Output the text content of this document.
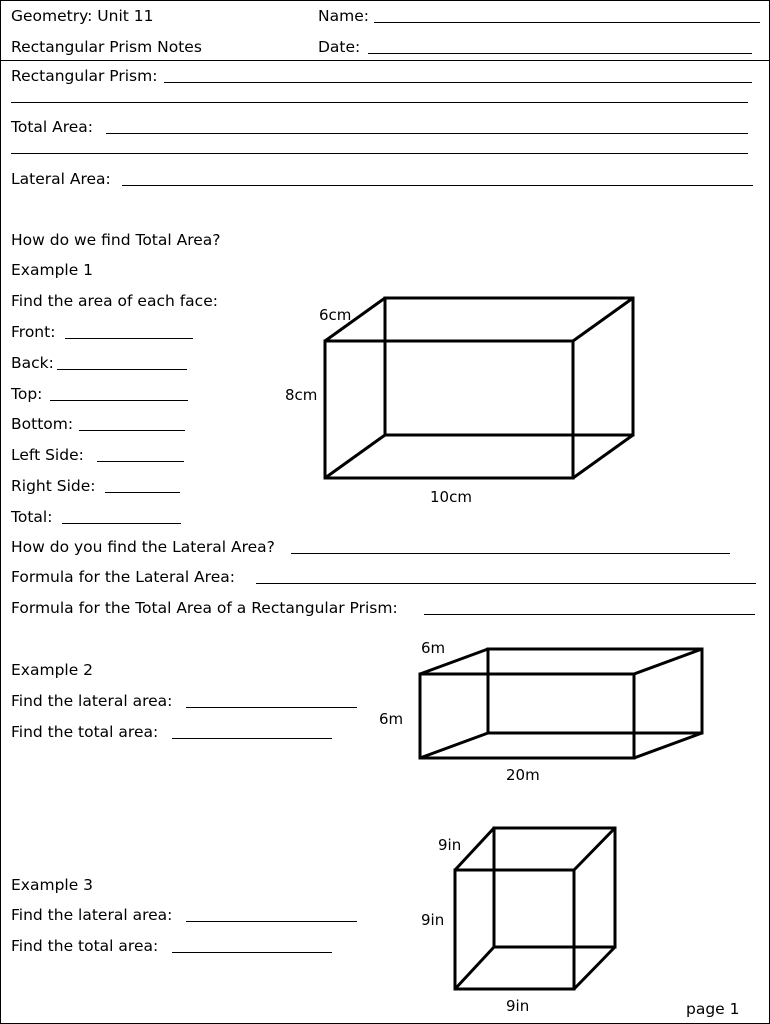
Geometry: Unit 11
Rectangular Prism Notes
Name:
Date:
Rectangular Prism:
Total Area:
Lateral Area:
How do we find Total Area?
Example 1
Find the area of each face:
Front:
Back:
Top:
Bottom:
Left Side:
Right Side:
Total:
6cm
8cm
10cm
How do you find the Lateral Area?
Formula for the Lateral Area:
Formula for the Total Area of a Rectangular Prism:
Example 2
Find the lateral area:
Find the total area:
6m
6m
20m
Example 3
Find the lateral area:
Find the total area:
9in
9in
9in	page 1
